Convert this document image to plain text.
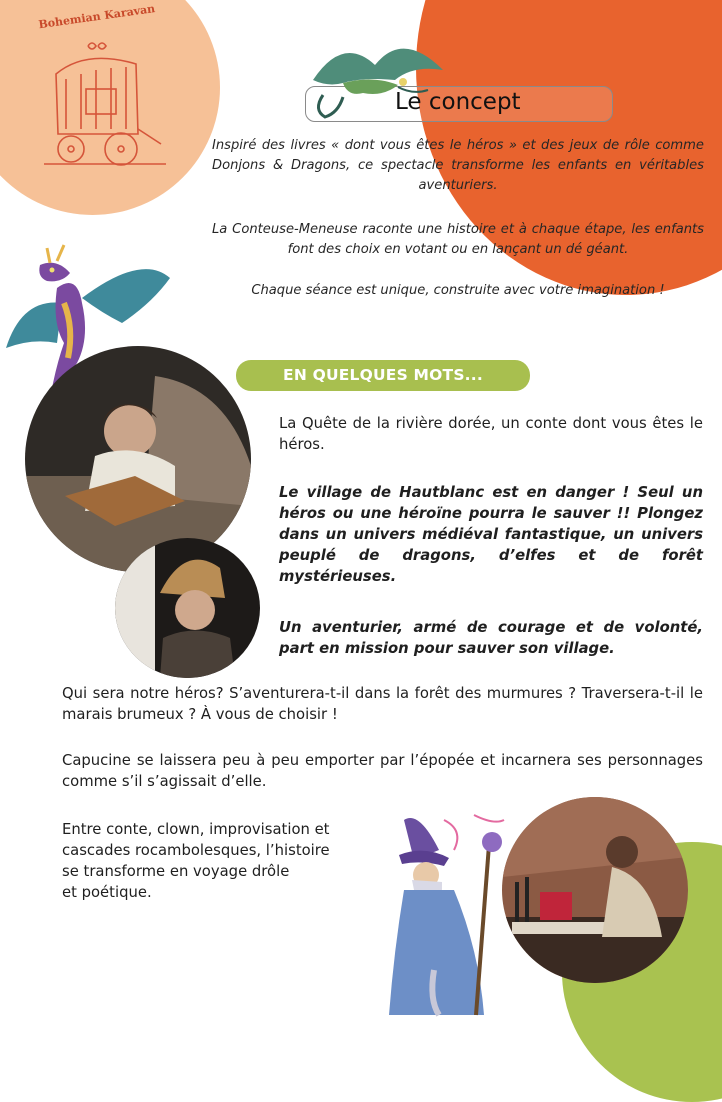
Bohemian Karavan
Le concept

Inspiré des livres « dont vous êtes le héros » et des jeux de rôle comme Donjons & Dragons, ce spectacle transforme les enfants en véritables aventuriers.

La Conteuse-Meneuse raconte une histoire et à chaque étape, les enfants font des choix en votant ou en lançant un dé géant.

Chaque séance est unique, construite avec votre imagination !

EN QUELQUES MOTS...

La Quête de la rivière dorée, un conte dont vous êtes le héros.

Le village de Hautblanc est en danger ! Seul un héros ou une héroïne pourra le sauver !! Plongez dans un univers médiéval fantastique, un univers peuplé de dragons, d’elfes et de forêt mystérieuses.

Un aventurier, armé de courage et de volonté, part en mission pour sauver son village.

Qui sera notre héros? S’aventurera-t-il dans la forêt des murmures ? Traversera-t-il le marais brumeux ? À vous de choisir !

Capucine se laissera peu à peu emporter par l’épopée et incarnera ses personnages comme s’il s’agissait d’elle.

Entre conte, clown, improvisation et
cascades rocambolesques, l’histoire
se transforme en voyage drôle
et poétique.
